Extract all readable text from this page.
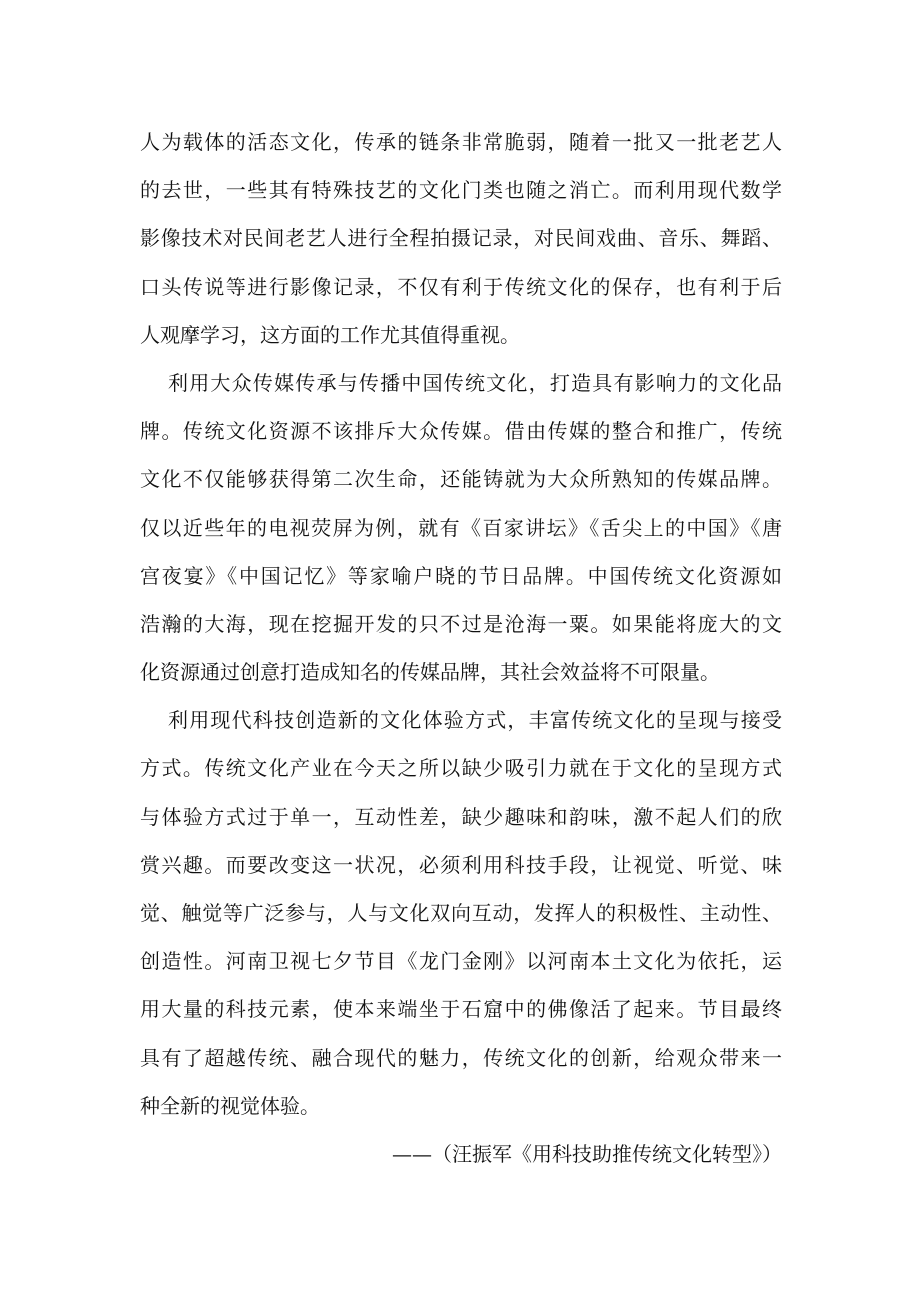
人为载体的活态文化，传承的链条非常脆弱，随着一批又一批老艺人
的去世，一些其有特殊技艺的文化门类也随之消亡。而利用现代数学
影像技术对民间老艺人进行全程拍摄记录，对民间戏曲、音乐、舞蹈、
口头传说等进行影像记录，不仅有利于传统文化的保存，也有利于后
人观摩学习，这方面的工作尤其值得重视。
利用大众传媒传承与传播中国传统文化，打造具有影响力的文化品
牌。传统文化资源不该排斥大众传媒。借由传媒的整合和推广，传统
文化不仅能够获得第二次生命，还能铸就为大众所熟知的传媒品牌。
仅以近些年的电视荧屏为例，就有《百家讲坛》《舌尖上的中国》《唐
宫夜宴》《中国记忆》等家喻户晓的节日品牌。中国传统文化资源如
浩瀚的大海，现在挖掘开发的只不过是沧海一粟。如果能将庞大的文
化资源通过创意打造成知名的传媒品牌，其社会效益将不可限量。
利用现代科技创造新的文化体验方式，丰富传统文化的呈现与接受
方式。传统文化产业在今天之所以缺少吸引力就在于文化的呈现方式
与体验方式过于单一，互动性差，缺少趣味和韵味，激不起人们的欣
赏兴趣。而要改变这一状况，必须利用科技手段，让视觉、听觉、味
觉、触觉等广泛参与，人与文化双向互动，发挥人的积极性、主动性、
创造性。河南卫视七夕节目《龙门金刚》以河南本土文化为依托，运
用大量的科技元素，使本来端坐于石窟中的佛像活了起来。节目最终
具有了超越传统、融合现代的魅力，传统文化的创新，给观众带来一
种全新的视觉体验。
——（汪振军《用科技助推传统文化转型》）
